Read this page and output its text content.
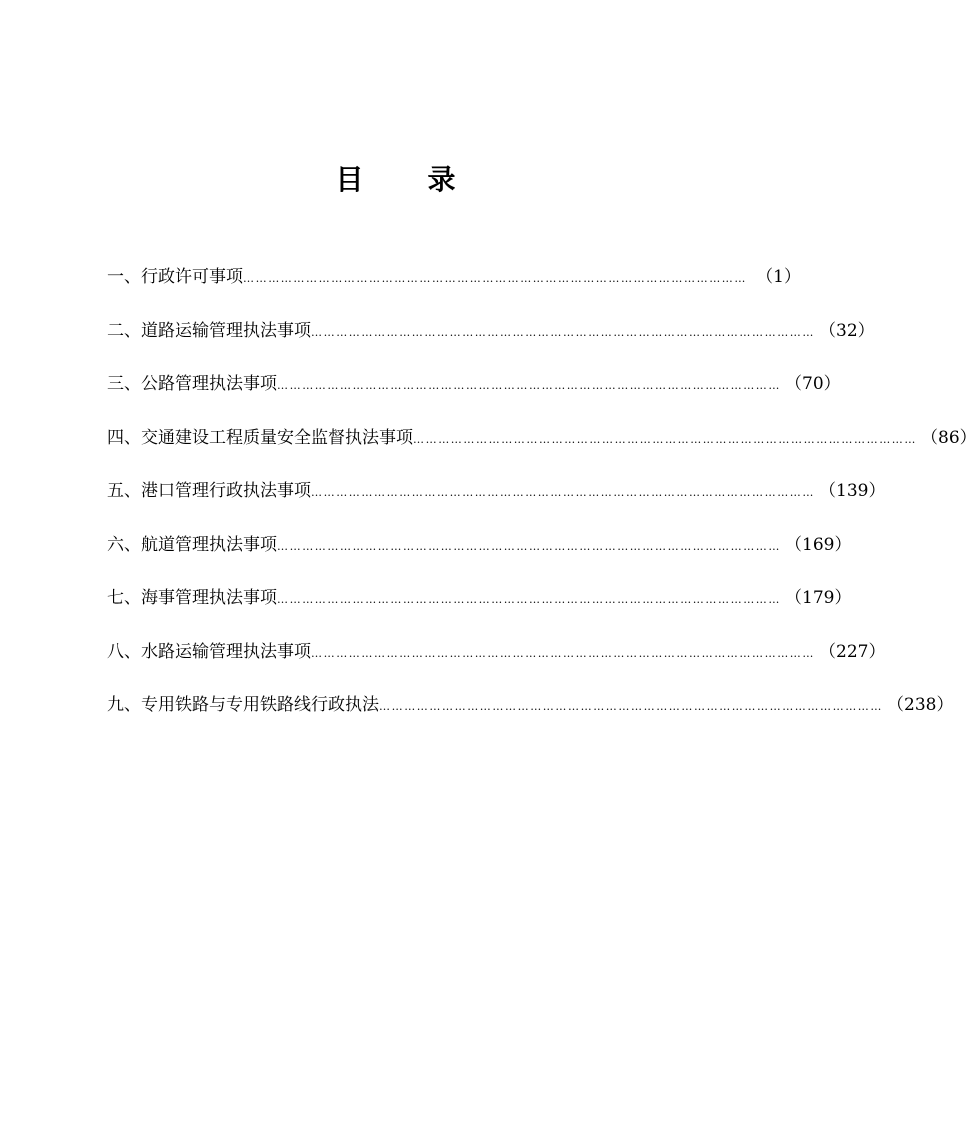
目 录
一、行政许可事项 ………………………………………………………………………………………………………… （1）
二、道路运输管理执法事项 ………………………………………………………………………………………………………… （32）
三、公路管理执法事项 ………………………………………………………………………………………………………… （70）
四、交通建设工程质量安全监督执法事项 ………………………………………………………………………………………………………… （86）
五、港口管理行政执法事项 ………………………………………………………………………………………………………… （139）
六、航道管理执法事项 ………………………………………………………………………………………………………… （169）
七、海事管理执法事项 ………………………………………………………………………………………………………… （179）
八、水路运输管理执法事项 ………………………………………………………………………………………………………… （227）
九、专用铁路与专用铁路线行政执法 ………………………………………………………………………………………………………… （238）
